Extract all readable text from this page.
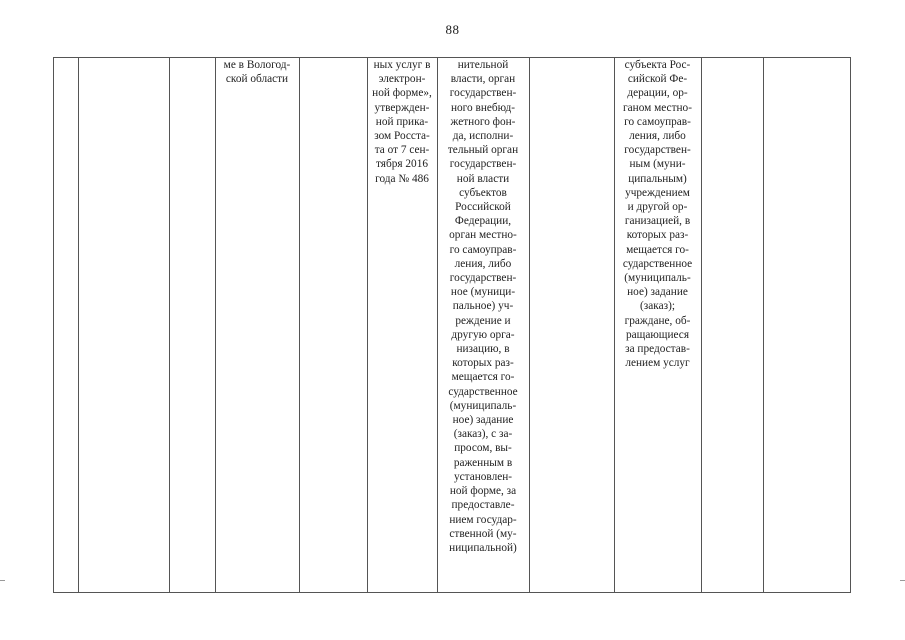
88
ме в Вологод-
ской области
ных услуг в
электрон-
ной форме»,
утвержден-
ной прика-
зом Росста-
та от 7 сен-
тября 2016
года № 486
нительной
власти, орган
государствен-
ного внебюд-
жетного фон-
да, исполни-
тельный орган
государствен-
ной власти
субъектов
Российской
Федерации,
орган местно-
го самоуправ-
ления, либо
государствен-
ное (муници-
пальное) уч-
реждение и
другую орга-
низацию, в
которых раз-
мещается го-
сударственное
(муниципаль-
ное) задание
(заказ), с за-
просом, вы-
раженным в
установлен-
ной форме, за
предоставле-
нием государ-
ственной (му-
ниципальной)
субъекта Рос-
сийской Фе-
дерации, ор-
ганом местно-
го самоуправ-
ления, либо
государствен-
ным (муни-
ципальным)
учреждением
и другой ор-
ганизацией, в
которых раз-
мещается го-
сударственное
(муниципаль-
ное) задание
(заказ);
граждане, об-
ращающиеся
за предостав-
лением услуг
